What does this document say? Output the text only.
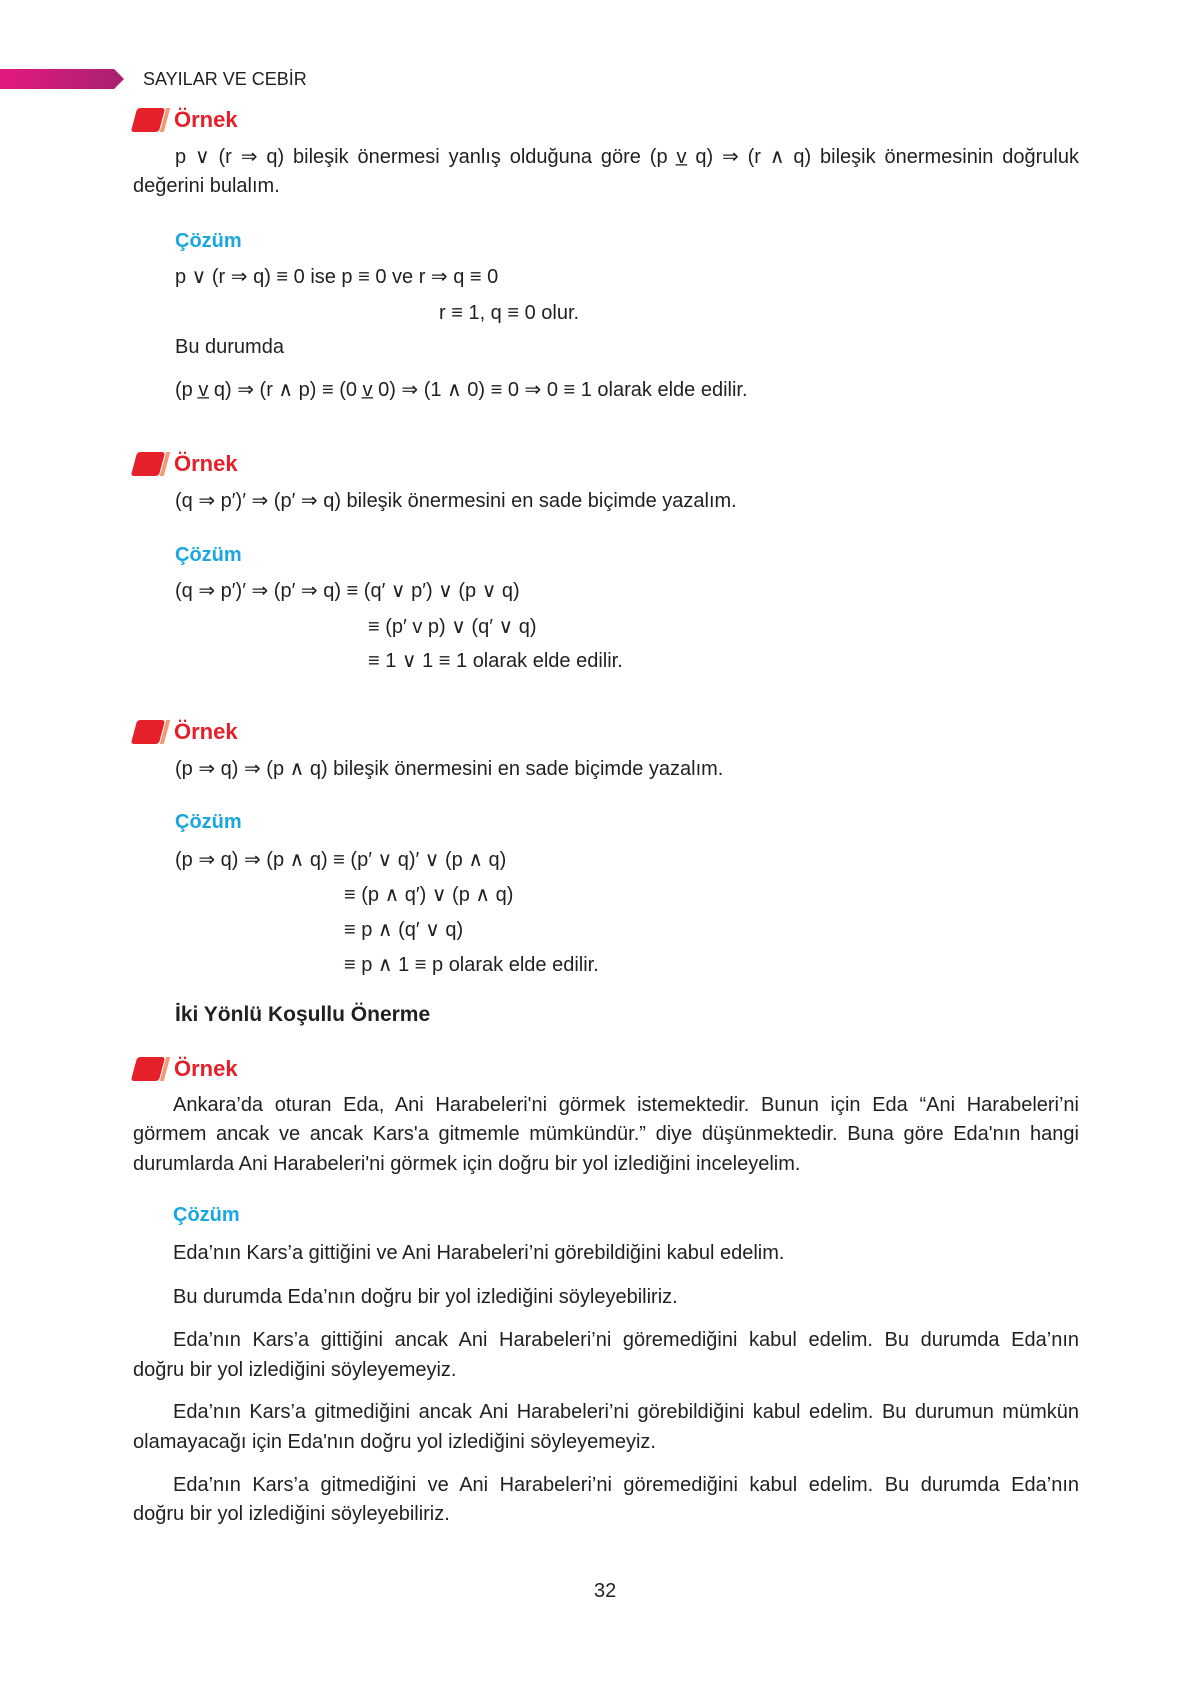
SAYILAR VE CEBİR
Örnek
p ∨ (r ⇒ q) bileşik önermesi yanlış olduğuna göre (p v̲ q) ⇒ (r ∧ q) bileşik önermesinin doğruluk
değerini bulalım.
Çözüm
p ∨ (r ⇒ q) ≡ 0 ise p ≡ 0 ve r ⇒ q ≡ 0
r ≡ 1, q ≡ 0 olur.
Bu durumda
(p v̲ q) ⇒ (r ∧ p) ≡ (0 v̲ 0) ⇒ (1 ∧ 0) ≡ 0 ⇒ 0 ≡ 1 olarak elde edilir.
Örnek
(q ⇒ p′)′ ⇒ (p′ ⇒ q) bileşik önermesini en sade biçimde yazalım.
Çözüm
(q ⇒ p′)′ ⇒ (p′ ⇒ q) ≡ (q′ ∨ p′) ∨ (p ∨ q)
≡ (p′ v p) ∨ (q′ ∨ q)
≡ 1 ∨ 1 ≡ 1 olarak elde edilir.
Örnek
(p ⇒ q) ⇒ (p ∧ q) bileşik önermesini en sade biçimde yazalım.
Çözüm
(p ⇒ q) ⇒ (p ∧ q) ≡ (p′ ∨ q)′ ∨ (p ∧ q)
≡ (p ∧ q′) ∨ (p ∧ q)
≡ p ∧ (q′ ∨ q)
≡ p ∧ 1 ≡ p olarak elde edilir.
İki Yönlü Koşullu Önerme
Örnek
Ankara’da oturan Eda, Ani Harabeleri'ni görmek istemektedir. Bunun için Eda “Ani Harabeleri’ni
görmem ancak ve ancak Kars'a gitmemle mümkündür.” diye düşünmektedir. Buna göre Eda'nın hangi
durumlarda Ani Harabeleri'ni görmek için doğru bir yol izlediğini inceleyelim.
Çözüm
Eda’nın Kars’a gittiğini ve Ani Harabeleri’ni görebildiğini kabul edelim.
Bu durumda Eda’nın doğru bir yol izlediğini söyleyebiliriz.
Eda’nın Kars’a gittiğini ancak Ani Harabeleri’ni göremediğini kabul edelim. Bu durumda Eda’nın
doğru bir yol izlediğini söyleyemeyiz.
Eda’nın Kars’a gitmediğini ancak Ani Harabeleri’ni görebildiğini kabul edelim. Bu durumun mümkün
olamayacağı için Eda'nın doğru yol izlediğini söyleyemeyiz.
Eda’nın Kars’a gitmediğini ve Ani Harabeleri’ni göremediğini kabul edelim. Bu durumda Eda’nın
doğru bir yol izlediğini söyleyebiliriz.
32
